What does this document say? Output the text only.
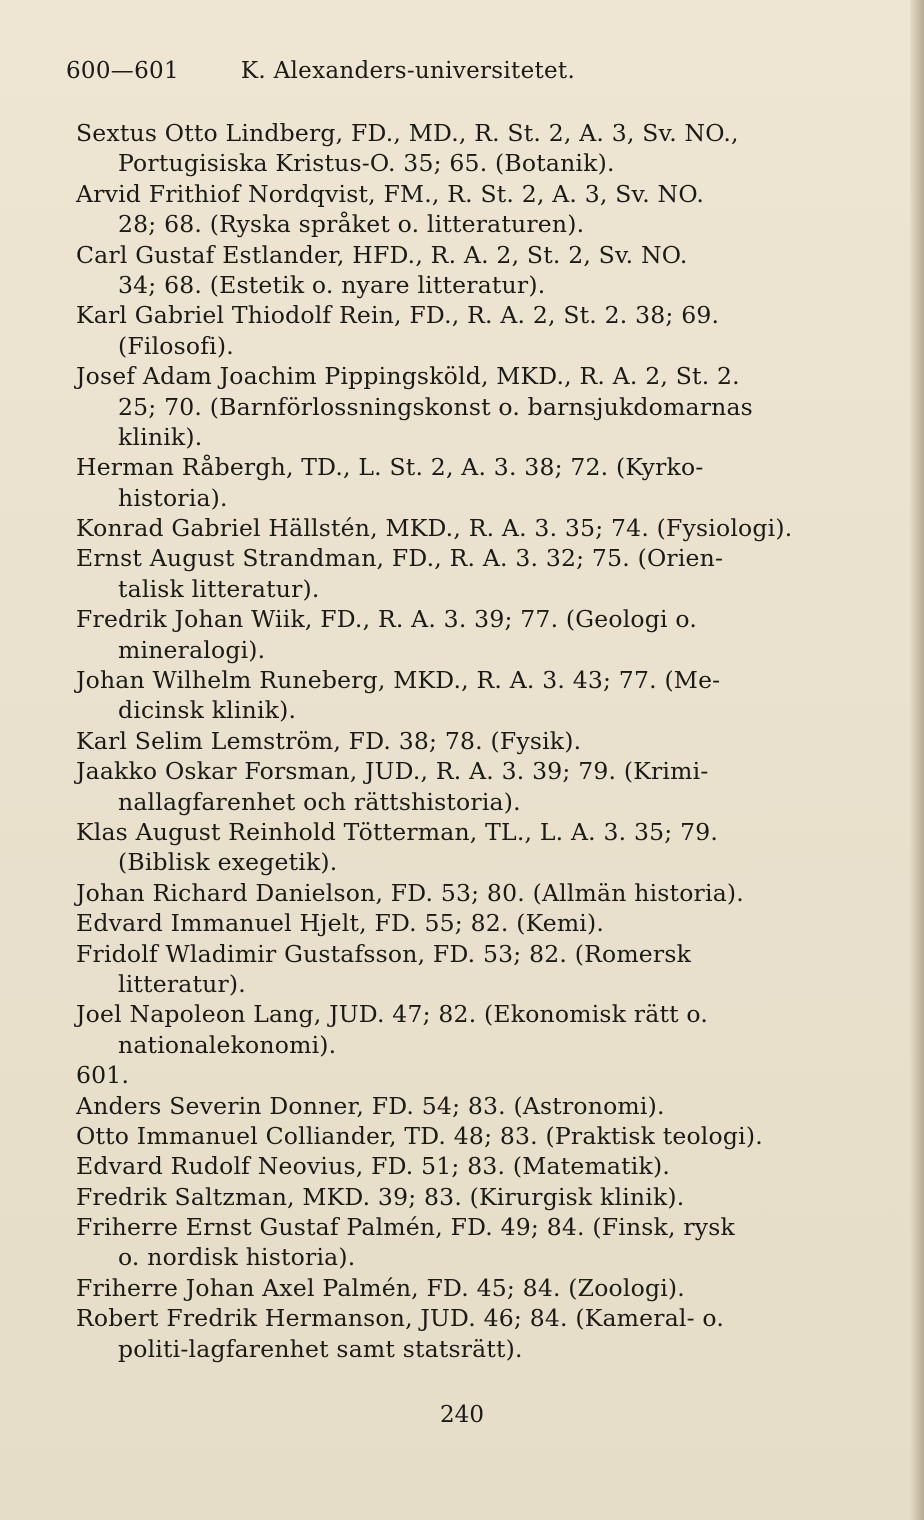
600—601	K. Alexanders-universitetet.
Sextus Otto Lindberg, FD., MD., R. St. 2, A. 3, Sv. NO.,
Portugisiska Kristus-O. 35; 65. (Botanik).
Arvid Frithiof Nordqvist, FM., R. St. 2, A. 3, Sv. NO.
28; 68. (Ryska språket o. litteraturen).
Carl Gustaf Estlander, HFD., R. A. 2, St. 2, Sv. NO.
34; 68. (Estetik o. nyare litteratur).
Karl Gabriel Thiodolf Rein, FD., R. A. 2, St. 2. 38; 69.
(Filosofi).
Josef Adam Joachim Pippingsköld, MKD., R. A. 2, St. 2.
25; 70. (Barnförlossningskonst o. barnsjukdomarnas
klinik).
Herman Råbergh, TD., L. St. 2, A. 3. 38; 72. (Kyrko-
historia).
Konrad Gabriel Hällstén, MKD., R. A. 3. 35; 74. (Fysiologi).
Ernst August Strandman, FD., R. A. 3. 32; 75. (Orien-
talisk litteratur).
Fredrik Johan Wiik, FD., R. A. 3. 39; 77. (Geologi o.
mineralogi).
Johan Wilhelm Runeberg, MKD., R. A. 3. 43; 77. (Me-
dicinsk klinik).
Karl Selim Lemström, FD. 38; 78. (Fysik).
Jaakko Oskar Forsman, JUD., R. A. 3. 39; 79. (Krimi-
nallagfarenhet och rättshistoria).
Klas August Reinhold Tötterman, TL., L. A. 3. 35; 79.
(Biblisk exegetik).
Johan Richard Danielson, FD. 53; 80. (Allmän historia).
Edvard Immanuel Hjelt, FD. 55; 82. (Kemi).
Fridolf Wladimir Gustafsson, FD. 53; 82. (Romersk
litteratur).
Joel Napoleon Lang, JUD. 47; 82. (Ekonomisk rätt o.
nationalekonomi).
601.
Anders Severin Donner, FD. 54; 83. (Astronomi).
Otto Immanuel Colliander, TD. 48; 83. (Praktisk teologi).
Edvard Rudolf Neovius, FD. 51; 83. (Matematik).
Fredrik Saltzman, MKD. 39; 83. (Kirurgisk klinik).
Friherre Ernst Gustaf Palmén, FD. 49; 84. (Finsk, rysk
o. nordisk historia).
Friherre Johan Axel Palmén, FD. 45; 84. (Zoologi).
Robert Fredrik Hermanson, JUD. 46; 84. (Kameral- o.
politi-lagfarenhet samt statsrätt).
240
